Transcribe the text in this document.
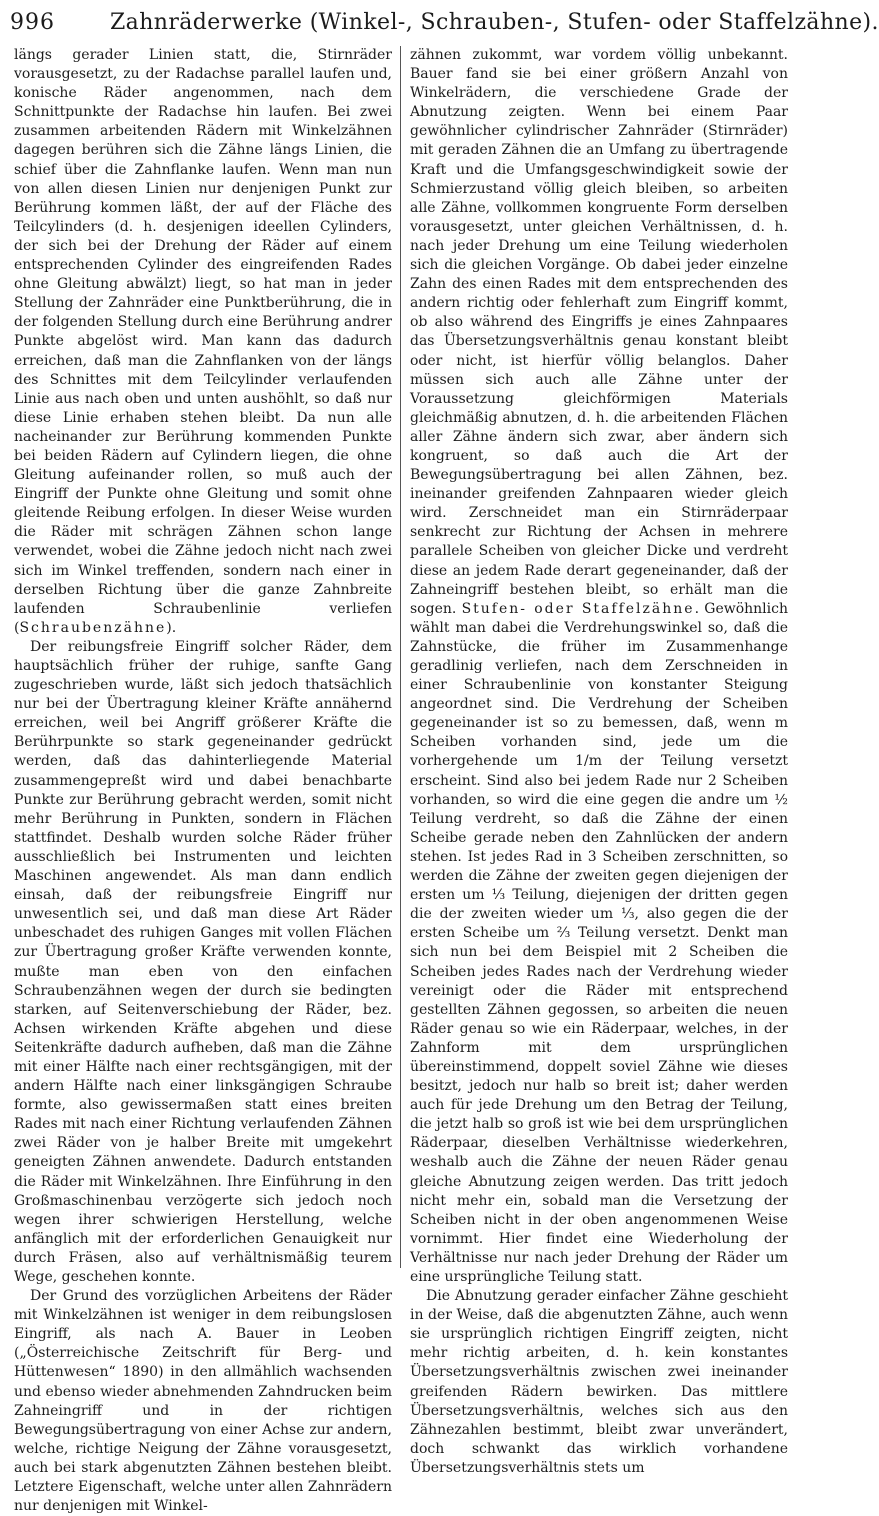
996	Zahnräderwerke (Winkel-, Schrauben-, Stufen- oder Staffelzähne).

längs gerader Linien statt, die, Stirnräder vorausgesetzt, zu der Radachse parallel laufen und, konische Räder angenommen, nach dem Schnittpunkte der Radachse hin laufen. Bei zwei zusammen arbeitenden Rädern mit Winkelzähnen dagegen berühren sich die Zähne längs Linien, die schief über die Zahnflanke laufen. Wenn man nun von allen diesen Linien nur denjenigen Punkt zur Berührung kommen läßt, der auf der Fläche des Teilcylinders (d. h. desjenigen ideellen Cylinders, der sich bei der Drehung der Räder auf einem entsprechenden Cylinder des eingreifenden Rades ohne Gleitung abwälzt) liegt, so hat man in jeder Stellung der Zahnräder eine Punktberührung, die in der folgenden Stellung durch eine Berührung andrer Punkte abgelöst wird. Man kann das dadurch erreichen, daß man die Zahnflanken von der längs des Schnittes mit dem Teilcylinder verlaufenden Linie aus nach oben und unten aushöhlt, so daß nur diese Linie erhaben stehen bleibt. Da nun alle nacheinander zur Berührung kommenden Punkte bei beiden Rädern auf Cylindern liegen, die ohne Gleitung aufeinander rollen, so muß auch der Eingriff der Punkte ohne Gleitung und somit ohne gleitende Reibung erfolgen. In dieser Weise wurden die Räder mit schrägen Zähnen schon lange verwendet, wobei die Zähne jedoch nicht nach zwei sich im Winkel treffenden, sondern nach einer in derselben Richtung über die ganze Zahnbreite laufenden Schraubenlinie verliefen (Schraubenzähne).

Der reibungsfreie Eingriff solcher Räder, dem hauptsächlich früher der ruhige, sanfte Gang zugeschrieben wurde, läßt sich jedoch thatsächlich nur bei der Übertragung kleiner Kräfte annähernd erreichen, weil bei Angriff größerer Kräfte die Berührpunkte so stark gegeneinander gedrückt werden, daß das dahinterliegende Material zusammengepreßt wird und dabei benachbarte Punkte zur Berührung gebracht werden, somit nicht mehr Berührung in Punkten, sondern in Flächen stattfindet. Deshalb wurden solche Räder früher ausschließlich bei Instrumenten und leichten Maschinen angewendet. Als man dann endlich einsah, daß der reibungsfreie Eingriff nur unwesentlich sei, und daß man diese Art Räder unbeschadet des ruhigen Ganges mit vollen Flächen zur Übertragung großer Kräfte verwenden konnte, mußte man eben von den einfachen Schraubenzähnen wegen der durch sie bedingten starken, auf Seitenverschiebung der Räder, bez. Achsen wirkenden Kräfte abgehen und diese Seitenkräfte dadurch aufheben, daß man die Zähne mit einer Hälfte nach einer rechtsgängigen, mit der andern Hälfte nach einer linksgängigen Schraube formte, also gewissermaßen statt eines breiten Rades mit nach einer Richtung verlaufenden Zähnen zwei Räder von je halber Breite mit umgekehrt geneigten Zähnen anwendete. Dadurch entstanden die Räder mit Winkelzähnen. Ihre Einführung in den Großmaschinenbau verzögerte sich jedoch noch wegen ihrer schwierigen Herstellung, welche anfänglich mit der erforderlichen Genauigkeit nur durch Fräsen, also auf verhältnismäßig teurem Wege, geschehen konnte.

Der Grund des vorzüglichen Arbeitens der Räder mit Winkelzähnen ist weniger in dem reibungslosen Eingriff, als nach A. Bauer in Leoben („Österreichische Zeitschrift für Berg- und Hüttenwesen“ 1890) in den allmählich wachsenden und ebenso wieder abnehmenden Zahndrucken beim Zahneingriff und in der richtigen Bewegungsübertragung von einer Achse zur andern, welche, richtige Neigung der Zähne vorausgesetzt, auch bei stark abgenutzten Zähnen bestehen bleibt. Letztere Eigenschaft, welche unter allen Zahnrädern nur denjenigen mit Winkel-

zähnen zukommt, war vordem völlig unbekannt. Bauer fand sie bei einer größern Anzahl von Winkelrädern, die verschiedene Grade der Abnutzung zeigten. Wenn bei einem Paar gewöhnlicher cylindrischer Zahnräder (Stirnräder) mit geraden Zähnen die an Umfang zu übertragende Kraft und die Umfangsgeschwindigkeit sowie der Schmierzustand völlig gleich bleiben, so arbeiten alle Zähne, vollkommen kongruente Form derselben vorausgesetzt, unter gleichen Verhältnissen, d. h. nach jeder Drehung um eine Teilung wiederholen sich die gleichen Vorgänge. Ob dabei jeder einzelne Zahn des einen Rades mit dem entsprechenden des andern richtig oder fehlerhaft zum Eingriff kommt, ob also während des Eingriffs je eines Zahnpaares das Übersetzungsverhältnis genau konstant bleibt oder nicht, ist hierfür völlig belanglos. Daher müssen sich auch alle Zähne unter der Voraussetzung gleichförmigen Materials gleichmäßig abnutzen, d. h. die arbeitenden Flächen aller Zähne ändern sich zwar, aber ändern sich kongruent, so daß auch die Art der Bewegungsübertragung bei allen Zähnen, bez. ineinander greifenden Zahnpaaren wieder gleich wird. Zerschneidet man ein Stirnräderpaar senkrecht zur Richtung der Achsen in mehrere parallele Scheiben von gleicher Dicke und verdreht diese an jedem Rade derart gegeneinander, daß der Zahneingriff bestehen bleibt, so erhält man die sogen. Stufen- oder Staffelzähne. Gewöhnlich wählt man dabei die Verdrehungswinkel so, daß die Zahnstücke, die früher im Zusammenhange geradlinig verliefen, nach dem Zerschneiden in einer Schraubenlinie von konstanter Steigung angeordnet sind. Die Verdrehung der Scheiben gegeneinander ist so zu bemessen, daß, wenn m Scheiben vorhanden sind, jede um die vorhergehende um 1/m der Teilung versetzt erscheint. Sind also bei jedem Rade nur 2 Scheiben vorhanden, so wird die eine gegen die andre um ½ Teilung verdreht, so daß die Zähne der einen Scheibe gerade neben den Zahnlücken der andern stehen. Ist jedes Rad in 3 Scheiben zerschnitten, so werden die Zähne der zweiten gegen diejenigen der ersten um ⅓ Teilung, diejenigen der dritten gegen die der zweiten wieder um ⅓, also gegen die der ersten Scheibe um ⅔ Teilung versetzt. Denkt man sich nun bei dem Beispiel mit 2 Scheiben die Scheiben jedes Rades nach der Verdrehung wieder vereinigt oder die Räder mit entsprechend gestellten Zähnen gegossen, so arbeiten die neuen Räder genau so wie ein Räderpaar, welches, in der Zahnform mit dem ursprünglichen übereinstimmend, doppelt soviel Zähne wie dieses besitzt, jedoch nur halb so breit ist; daher werden auch für jede Drehung um den Betrag der Teilung, die jetzt halb so groß ist wie bei dem ursprünglichen Räderpaar, dieselben Verhältnisse wiederkehren, weshalb auch die Zähne der neuen Räder genau gleiche Abnutzung zeigen werden. Das tritt jedoch nicht mehr ein, sobald man die Versetzung der Scheiben nicht in der oben angenommenen Weise vornimmt. Hier findet eine Wiederholung der Verhältnisse nur nach jeder Drehung der Räder um eine ursprüngliche Teilung statt.

Die Abnutzung gerader einfacher Zähne geschieht in der Weise, daß die abgenutzten Zähne, auch wenn sie ursprünglich richtigen Eingriff zeigten, nicht mehr richtig arbeiten, d. h. kein konstantes Übersetzungsverhältnis zwischen zwei ineinander greifenden Rädern bewirken. Das mittlere Übersetzungsverhältnis, welches sich aus den Zähnezahlen bestimmt, bleibt zwar unverändert, doch schwankt das wirklich vorhandene Übersetzungsverhältnis stets um
